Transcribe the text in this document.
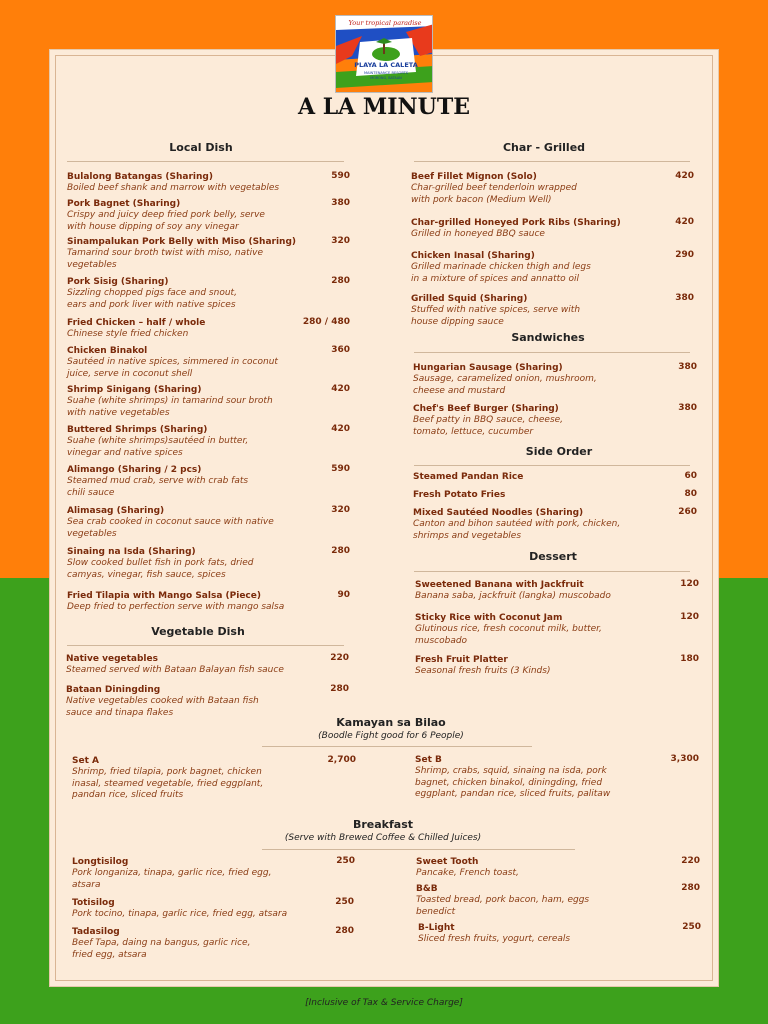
Your tropical paradise
PLAYA LA CALETA
MAINTENANCE RESORTS
MORONG, BATAAN
A LA MINUTE
Local Dish
Bulalong Batangas (Sharing)
Boiled beef shank and marrow with vegetables
590
Pork Bagnet (Sharing)
Crispy and juicy deep fried pork belly, serve
with house dipping of soy any vinegar
380
Sinampalukan Pork Belly with Miso (Sharing)
Tamarind sour broth twist with miso, native
vegetables
320
Pork Sisig (Sharing)
Sizzling chopped pigs face and snout,
ears and pork liver with native spices
280
Fried Chicken – half / whole
Chinese style fried chicken
280 / 480
Chicken Binakol
Sautéed in native spices, simmered in coconut
juice, serve in coconut shell
360
Shrimp Sinigang (Sharing)
Suahe (white shrimps) in tamarind sour broth
with native vegetables
420
Buttered Shrimps (Sharing)
Suahe (white shrimps)sautéed in butter,
vinegar and native spices
420
Alimango (Sharing / 2 pcs)
Steamed mud crab, serve with crab fats
chili sauce
590
Alimasag (Sharing)
Sea crab cooked in coconut sauce with native
vegetables
320
Sinaing na Isda (Sharing)
Slow cooked bullet fish in pork fats, dried
camyas, vinegar, fish sauce, spices
280
Fried Tilapia with Mango Salsa (Piece)
Deep fried to perfection serve with mango salsa
90
Vegetable Dish
Native vegetables
Steamed served with Bataan Balayan fish sauce
220
Bataan Diningding
Native vegetables cooked with Bataan fish
sauce and tinapa flakes
280
Char - Grilled
Beef Fillet Mignon (Solo)
Char-grilled beef tenderloin wrapped
with pork bacon (Medium Well)
420
Char-grilled Honeyed Pork Ribs (Sharing)
Grilled in honeyed BBQ sauce
420
Chicken Inasal (Sharing)
Grilled marinade chicken thigh and legs
in a mixture of spices and annatto oil
290
Grilled Squid (Sharing)
Stuffed with native spices, serve with
house dipping sauce
380
Sandwiches
Hungarian Sausage (Sharing)
Sausage, caramelized onion, mushroom,
cheese and mustard
380
Chef's Beef Burger (Sharing)
Beef patty in BBQ sauce, cheese,
tomato, lettuce, cucumber
380
Side Order
Steamed Pandan Rice	60
Fresh Potato Fries	80
Mixed Sautéed Noodles (Sharing)
Canton and bihon sautéed with pork, chicken,
shrimps and vegetables
260
Dessert
Sweetened Banana with Jackfruit
Banana saba, jackfruit (langka) muscobado
120
Sticky Rice with Coconut Jam
Glutinous rice, fresh coconut milk, butter,
muscobado
120
Fresh Fruit Platter
Seasonal fresh fruits (3 Kinds)
180
Kamayan sa Bilao
(Boodle Fight good for 6 People)
Set A
Shrimp, fried tilapia, pork bagnet, chicken
inasal, steamed vegetable, fried eggplant,
pandan rice, sliced fruits
2,700	Set B
Shrimp, crabs, squid, sinaing na isda, pork
bagnet, chicken binakol, diningding, fried
eggplant, pandan rice, sliced fruits, palitaw
3,300
Breakfast
(Serve with Brewed Coffee & Chilled Juices)
Longtisilog
Pork longaniza, tinapa, garlic rice, fried egg,
atsara
250
Totisilog
Pork tocino, tinapa, garlic rice, fried egg, atsara
250
Tadasilog
Beef Tapa, daing na bangus, garlic rice,
fried egg, atsara
280
Sweet Tooth
Pancake, French toast,
220
B&B
Toasted bread, pork bacon, ham, eggs
benedict
280
B-Light
Sliced fresh fruits, yogurt, cereals
250
[Inclusive of Tax & Service Charge]
